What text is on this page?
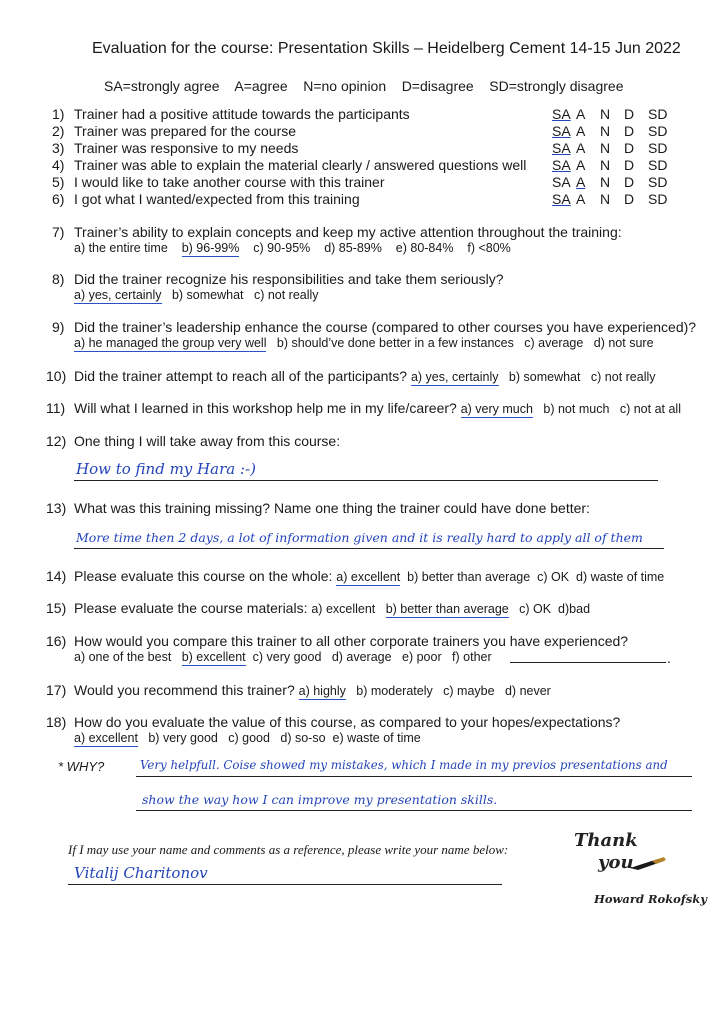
Evaluation for the course: Presentation Skills – Heidelberg Cement 14-15 Jun 2022
SA=strongly agree    A=agree    N=no opinion    D=disagree    SD=strongly disagree
1) Trainer had a positive attitude towards the participants	SA A N D SD
2) Trainer was prepared for the course	SA A N D SD
3) Trainer was responsive to my needs	SA A N D SD
4) Trainer was able to explain the material clearly / answered questions well SA A N D SD
5) I would like to take another course with this trainer	SA A N D SD
6) I got what I wanted/expected from this training	SA A N D SD
7) Trainer’s ability to explain concepts and keep my active attention throughout the training:
a) the entire time b) 96-99% c) 90-95% d) 85-89% e) 80-84% f) <80%
8) Did the trainer recognize his responsibilities and take them seriously?
a) yes, certainly b) somewhat c) not really
9) Did the trainer’s leadership enhance the course (compared to other courses you have experienced)?
a) he managed the group very well b) should’ve done better in a few instances c) average d) not sure
10) Did the trainer attempt to reach all of the participants? a) yes, certainly b) somewhat c) not really
11) Will what I learned in this workshop help me in my life/career? a) very much b) not much c) not at all
12) One thing I will take away from this course:
How to find my Hara :-)
13) What was this training missing? Name one thing the trainer could have done better:
More time then 2 days, a lot of information given and it is really hard to apply all of them
14) Please evaluate this course on the whole: a) excellent b) better than average c) OK d) waste of time
15) Please evaluate the course materials: a) excellent b) better than average c) OK d)bad
16) How would you compare this trainer to all other corporate trainers you have experienced?
a) one of the best b) excellent c) very good d) average e) poor f) other	.
17) Would you recommend this trainer? a) highly b) moderately c) maybe d) never
18) How do you evaluate the value of this course, as compared to your hopes/expectations?
a) excellent b) very good c) good d) so-so e) waste of time
* WHY?	Very helpfull. Coise showed my mistakes, which I made in my previos presentations and
show the way how I can improve my presentation skills.
If I may use your name and comments as a reference, please write your name below:
Vitalij Charitonov
Thank
you
Howard Rokofsky
